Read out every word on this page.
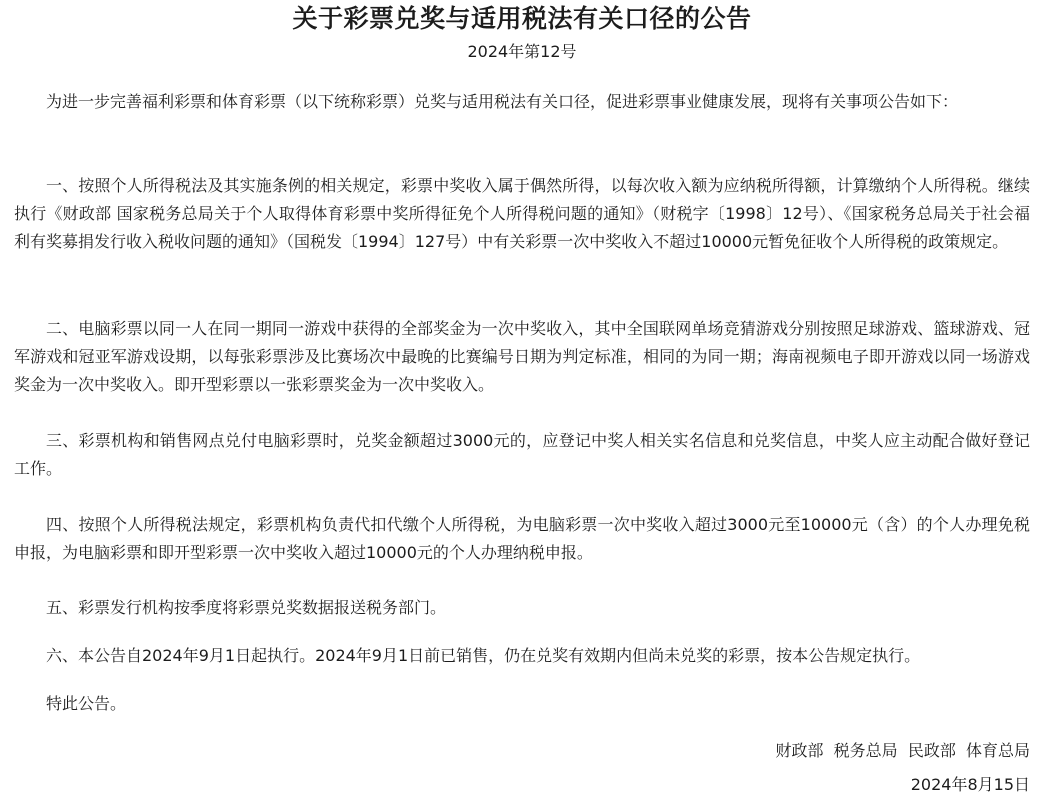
关于彩票兑奖与适用税法有关口径的公告
2024年第12号

为进一步完善福利彩票和体育彩票（以下统称彩票）兑奖与适用税法有关口径，促进彩票事业健康发展，现将有关事项公告如下：

一、按照个人所得税法及其实施条例的相关规定，彩票中奖收入属于偶然所得，以每次收入额为应纳税所得额，计算缴纳个人所得税。继续执行《财政部 国家税务总局关于个人取得体育彩票中奖所得征免个人所得税问题的通知》（财税字〔1998〕12号）、《国家税务总局关于社会福利有奖募捐发行收入税收问题的通知》（国税发〔1994〕127号）中有关彩票一次中奖收入不超过10000元暂免征收个人所得税的政策规定。

二、电脑彩票以同一人在同一期同一游戏中获得的全部奖金为一次中奖收入，其中全国联网单场竞猜游戏分别按照足球游戏、篮球游戏、冠军游戏和冠亚军游戏设期，以每张彩票涉及比赛场次中最晚的比赛编号日期为判定标准，相同的为同一期；海南视频电子即开游戏以同一场游戏奖金为一次中奖收入。即开型彩票以一张彩票奖金为一次中奖收入。

三、彩票机构和销售网点兑付电脑彩票时，兑奖金额超过3000元的，应登记中奖人相关实名信息和兑奖信息，中奖人应主动配合做好登记工作。

四、按照个人所得税法规定，彩票机构负责代扣代缴个人所得税，为电脑彩票一次中奖收入超过3000元至10000元（含）的个人办理免税申报，为电脑彩票和即开型彩票一次中奖收入超过10000元的个人办理纳税申报。

五、彩票发行机构按季度将彩票兑奖数据报送税务部门。

六、本公告自2024年9月1日起执行。2024年9月1日前已销售，仍在兑奖有效期内但尚未兑奖的彩票，按本公告规定执行。

特此公告。

财政部  税务总局  民政部  体育总局
2024年8月15日
